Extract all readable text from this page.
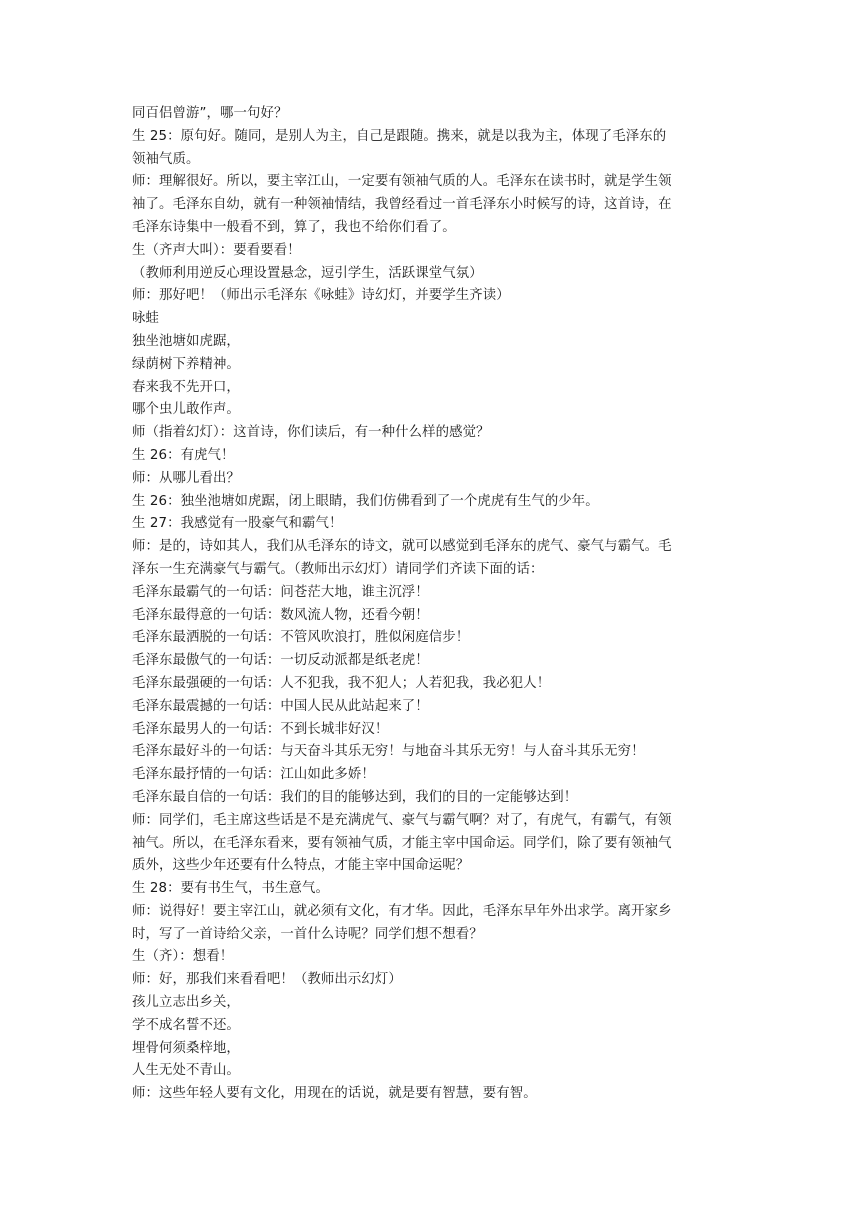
同百侣曾游”，哪一句好？
生 25：原句好。随同，是别人为主，自己是跟随。携来，就是以我为主，体现了毛泽东的
领袖气质。
师：理解很好。所以，要主宰江山，一定要有领袖气质的人。毛泽东在读书时，就是学生领
袖了。毛泽东自幼，就有一种领袖情结，我曾经看过一首毛泽东小时候写的诗，这首诗，在
毛泽东诗集中一般看不到，算了，我也不给你们看了。
生（齐声大叫）：要看要看！
（教师利用逆反心理设置悬念，逗引学生，活跃课堂气氛）
师：那好吧！（师出示毛泽东《咏蛙》诗幻灯，并要学生齐读）
咏蛙
独坐池塘如虎踞，
绿荫树下养精神。
春来我不先开口，
哪个虫儿敢作声。
师（指着幻灯）：这首诗，你们读后，有一种什么样的感觉？
生 26：有虎气！
师：从哪儿看出？
生 26：独坐池塘如虎踞，闭上眼睛，我们仿佛看到了一个虎虎有生气的少年。
生 27：我感觉有一股豪气和霸气！
师：是的，诗如其人，我们从毛泽东的诗文，就可以感觉到毛泽东的虎气、豪气与霸气。毛
泽东一生充满豪气与霸气。（教师出示幻灯）请同学们齐读下面的话：
毛泽东最霸气的一句话：问苍茫大地，谁主沉浮！
毛泽东最得意的一句话：数风流人物，还看今朝！
毛泽东最洒脱的一句话：不管风吹浪打，胜似闲庭信步！
毛泽东最傲气的一句话：一切反动派都是纸老虎！
毛泽东最强硬的一句话：人不犯我，我不犯人；人若犯我，我必犯人！
毛泽东最震撼的一句话：中国人民从此站起来了！
毛泽东最男人的一句话：不到长城非好汉！
毛泽东最好斗的一句话：与天奋斗其乐无穷！与地奋斗其乐无穷！与人奋斗其乐无穷！
毛泽东最抒情的一句话：江山如此多娇！
毛泽东最自信的一句话：我们的目的能够达到，我们的目的一定能够达到！
师：同学们，毛主席这些话是不是充满虎气、豪气与霸气啊？对了，有虎气，有霸气，有领
袖气。所以，在毛泽东看来，要有领袖气质，才能主宰中国命运。同学们，除了要有领袖气
质外，这些少年还要有什么特点，才能主宰中国命运呢？
生 28：要有书生气，书生意气。
师：说得好！要主宰江山，就必须有文化，有才华。因此，毛泽东早年外出求学。离开家乡
时，写了一首诗给父亲，一首什么诗呢？同学们想不想看？
生（齐）：想看！
师：好，那我们来看看吧！（教师出示幻灯）
孩儿立志出乡关，
学不成名誓不还。
埋骨何须桑梓地，
人生无处不青山。
师：这些年轻人要有文化，用现在的话说，就是要有智慧，要有智。
